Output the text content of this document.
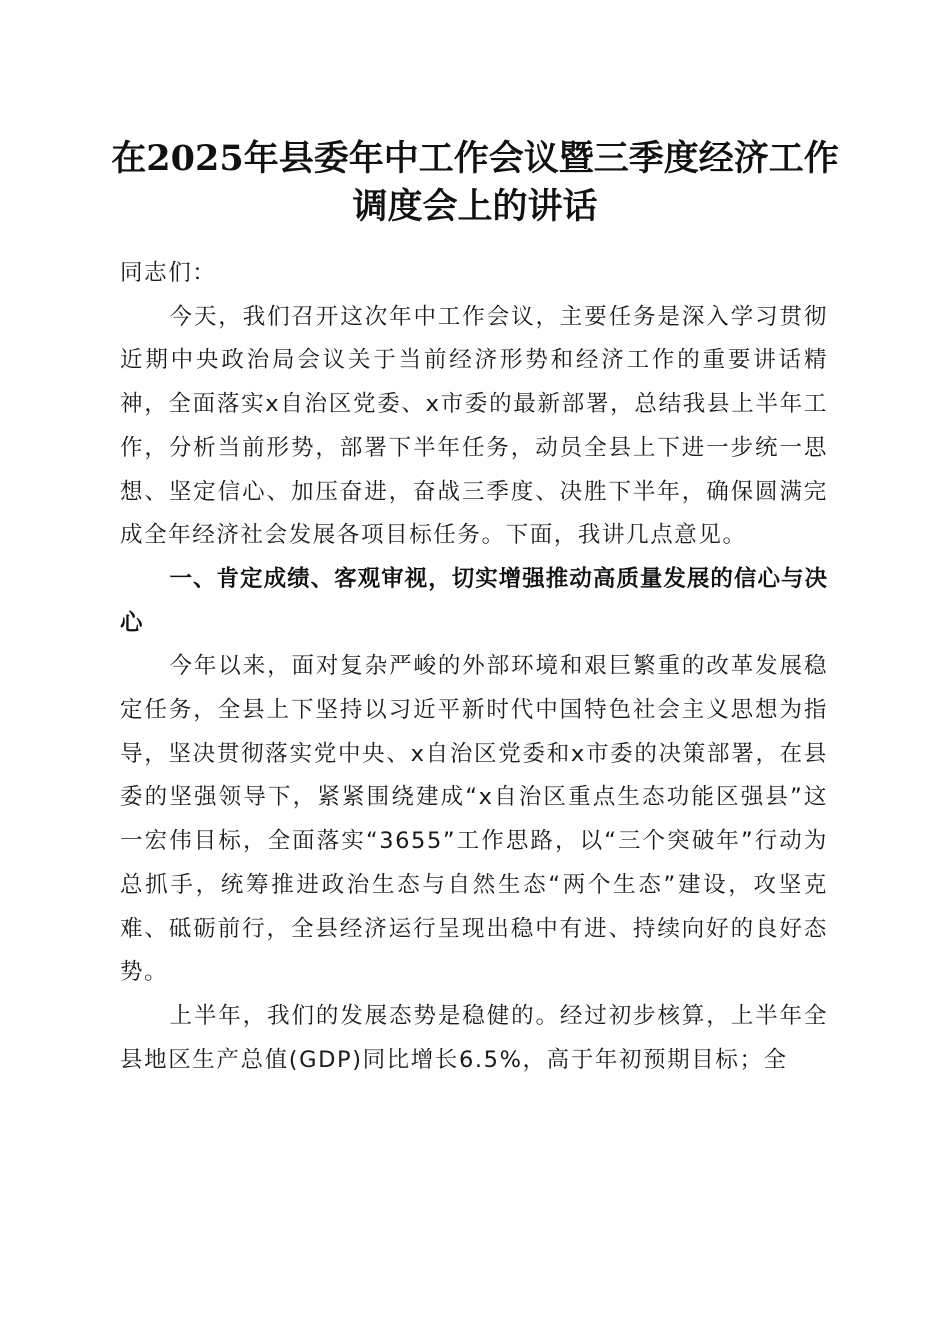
在2025年县委年中工作会议暨三季度经济工作调度会上的讲话

同志们：

今天，我们召开这次年中工作会议，主要任务是深入学习贯彻近期中央政治局会议关于当前经济形势和经济工作的重要讲话精神，全面落实x自治区党委、x市委的最新部署，总结我县上半年工作，分析当前形势，部署下半年任务，动员全县上下进一步统一思想、坚定信心、加压奋进，奋战三季度、决胜下半年，确保圆满完成全年经济社会发展各项目标任务。下面，我讲几点意见。

一、肯定成绩、客观审视，切实增强推动高质量发展的信心与决心

今年以来，面对复杂严峻的外部环境和艰巨繁重的改革发展稳定任务，全县上下坚持以习近平新时代中国特色社会主义思想为指导，坚决贯彻落实党中央、x自治区党委和x市委的决策部署，在县委的坚强领导下，紧紧围绕建成“x自治区重点生态功能区强县”这一宏伟目标，全面落实“3655”工作思路，以“三个突破年”行动为总抓手，统筹推进政治生态与自然生态“两个生态”建设，攻坚克难、砥砺前行，全县经济运行呈现出稳中有进、持续向好的良好态势。

上半年，我们的发展态势是稳健的。经过初步核算，上半年全县地区生产总值(GDP)同比增长6.5%，高于年初预期目标；全
